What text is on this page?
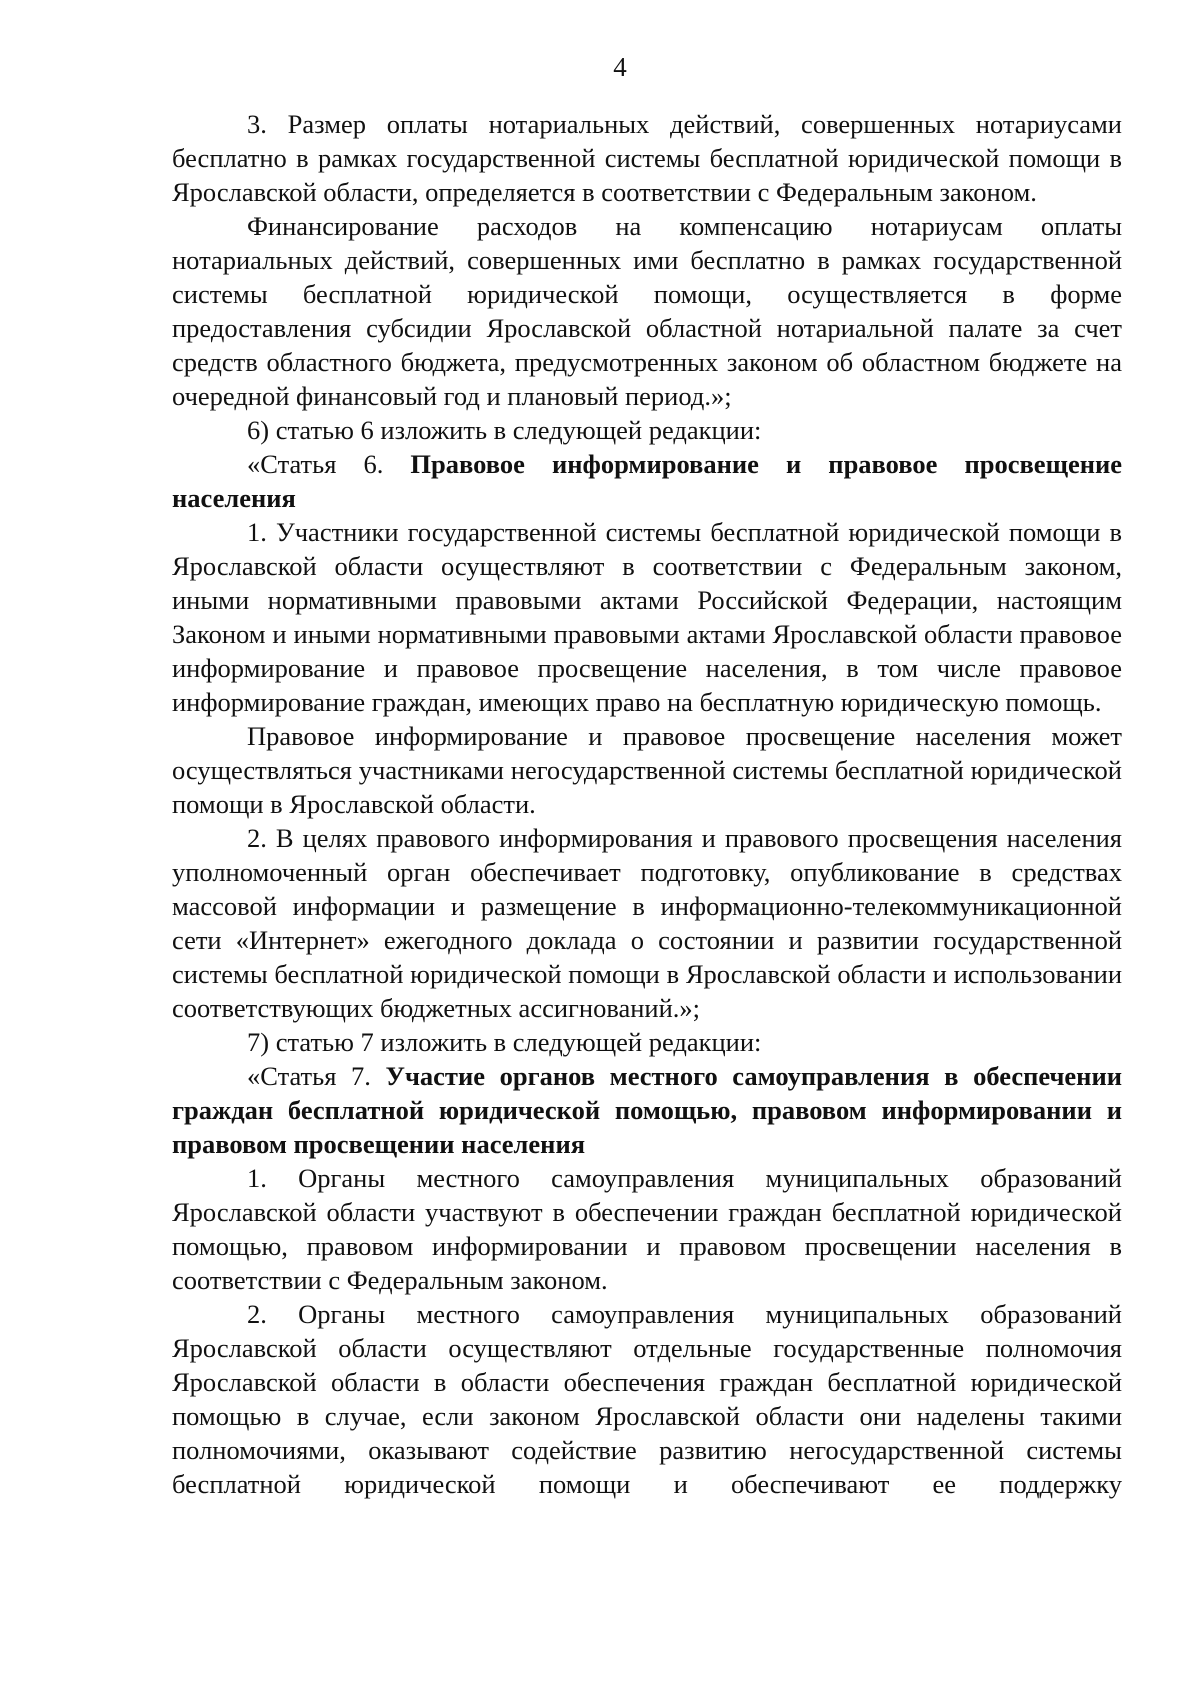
4

3. Размер оплаты нотариальных действий, совершенных нотариусами бесплатно в рамках государственной системы бесплатной юридической помощи в Ярославской области, определяется в соответствии с Федеральным законом.

Финансирование расходов на компенсацию нотариусам оплаты нотариальных действий, совершенных ими бесплатно в рамках государственной системы бесплатной юридической помощи, осуществляется в форме предоставления субсидии Ярославской областной нотариальной палате за счет средств областного бюджета, предусмотренных законом об областном бюджете на очередной финансовый год и плановый период.»;

6) статью 6 изложить в следующей редакции:

«Статья 6. Правовое информирование и правовое просвещение населения

1. Участники государственной системы бесплатной юридической помощи в Ярославской области осуществляют в соответствии с Федеральным законом, иными нормативными правовыми актами Российской Федерации, настоящим Законом и иными нормативными правовыми актами Ярославской области правовое информирование и правовое просвещение населения, в том числе правовое информирование граждан, имеющих право на бесплатную юридическую помощь.

Правовое информирование и правовое просвещение населения может осуществляться участниками негосударственной системы бесплатной юридической помощи в Ярославской области.

2. В целях правового информирования и правового просвещения населения уполномоченный орган обеспечивает подготовку, опубликование в средствах массовой информации и размещение в информационно-телекоммуникационной сети «Интернет» ежегодного доклада о состоянии и развитии государственной системы бесплатной юридической помощи в Ярославской области и использовании соответствующих бюджетных ассигнований.»;

7) статью 7 изложить в следующей редакции:

«Статья 7. Участие органов местного самоуправления в обеспечении граждан бесплатной юридической помощью, правовом информировании и правовом просвещении населения

1. Органы местного самоуправления муниципальных образований Ярославской области участвуют в обеспечении граждан бесплатной юридической помощью, правовом информировании и правовом просвещении населения в соответствии с Федеральным законом.

2. Органы местного самоуправления муниципальных образований Ярославской области осуществляют отдельные государственные полномочия Ярославской области в области обеспечения граждан бесплатной юридической помощью в случае, если законом Ярославской области они наделены такими полномочиями, оказывают содействие развитию негосударственной системы бесплатной юридической помощи и обеспечивают ее поддержку
